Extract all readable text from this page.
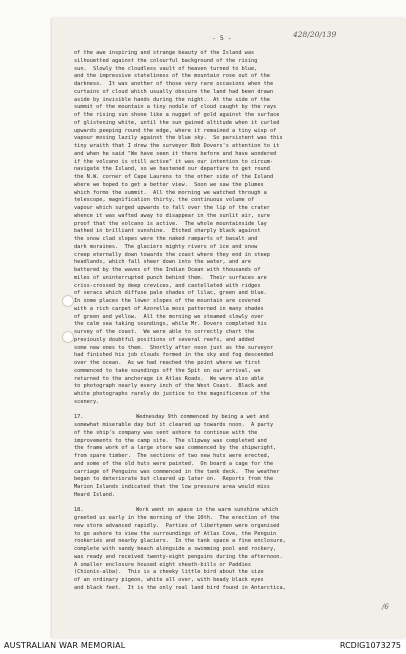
- 5 -	428/20/139
of the awe inspiring and strange beauty of the Island was
silhouetted against the colourful background of the rising
sun.  Slowly the cloudless vault of heaven turned to blue,
and the impressive stateliness of the mountain rose out of the
darkness.  It was another of those very rare occasions when the
curtains of cloud which usually obscure the land had been drawn
aside by invisible hands during the night.  At the side of the
summit of the mountain a tiny nodule of cloud caught by the rays
of the rising sun shone like a nugget of gold against the surface
of glistening white, until the sun gained altitude when it curled
upwards peeping round the edge, where it remained a tiny wisp of
vapour moving lazily against the blue sky.  So persistent was this
tiny wraith that I drew the surveyor Bob Dovers's attention to it
and when he said "We have seen it there before and have wondered
if the volcano is still active" it was our intention to circum-
navigate the Island, so we hastened our departure to get round
the N.W. corner of Cape Laurens to the other side of the Island
where we hoped to get a better view.  Soon we saw the plumes
which forms the summit.  All the morning we watched through a
telescope, magnification thirty, the continuous volume of
vapour which surged upwards to fall over the lip of the crater
whence it was wafted away to disappear in the sunlit air, sure
proof that the volcano is active.  The whole mountainside lay
bathed in brilliant sunshine.  Etched sharply black against
the snow clad slopes were the naked ramparts of basalt and
dark moraines.  The glaciers mighty rivers of ice and snow
creep eternally down towards the coast where they end in steep
headlands, which fall sheer down into the water, and are
battered by the waves of the Indian Ocean with thousands of
miles of uninterrupted punch behind them.  Their surfaces are
criss-crossed by deep crevices, and castellated with ridges
of seracs which diffuse pale shades of lilac, green and blue.
In some places the lower slopes of the mountain are covered
with a rich carpet of Azorella moss patterned in many shades
of green and yellow.  All the morning we steamed slowly over
the calm sea taking soundings, while Mr. Dovers completed his
survey of the coast.  We were able to correctly chart the
previously doubtful positions of several reefs, and added
some new ones to them.  Shortly after noon just as the surveyor
had finished his job clouds formed in the sky and fog descended
over the ocean.  As we had reached the point where we first
commenced to take soundings off the Spit on our arrival, we
returned to the anchorage in Atlas Roads.  We were also able
to photograph nearly every inch of the West Coast.  Black and
white photographs rarely do justice to the magnificence of the
scenery.
17.	Wednesday 9th commenced by being a wet and
somewhat miserable day but it cleared up towards noon.  A party
of the ship's company was sent ashore to continue with the
improvements to the camp site.  The slipway was completed and
the frame work of a large store was commenced by the shipwright,
from spare timber.  The sections of two new huts were erected,
and some of the old huts were painted.  On board a cage for the
carriage of Penguins was commenced in the tank deck.  The weather
began to deteriorate but cleared up later on.  Reports from the
Marion Islands indicated that the low pressure area would miss
Heard Island.
18.	Work went on apace in the warm sunshine which
greeted us early in the morning of the 10th.  The erection of the
new store advanced rapidly.  Parties of libertymen were organised
to go ashore to view the surroundings of Atlas Cove, the Penguin
rookeries and nearby glaciers.  In the tank space a fine enclosure,
complete with sandy beach alongside a swimming pool and rockery,
was ready and received twenty-eight penguins during the afternoon.
A smaller enclosure housed eight sheath-bills or Paddies
(Chionis-alba).  This is a cheeky little bird about the size
of an ordinary pigeon, white all over, with beady black eyes
and black feet.  It is the only real land bird found in Antarctica,
/6
AUSTRALIAN WAR MEMORIAL	RCDIG1073275
